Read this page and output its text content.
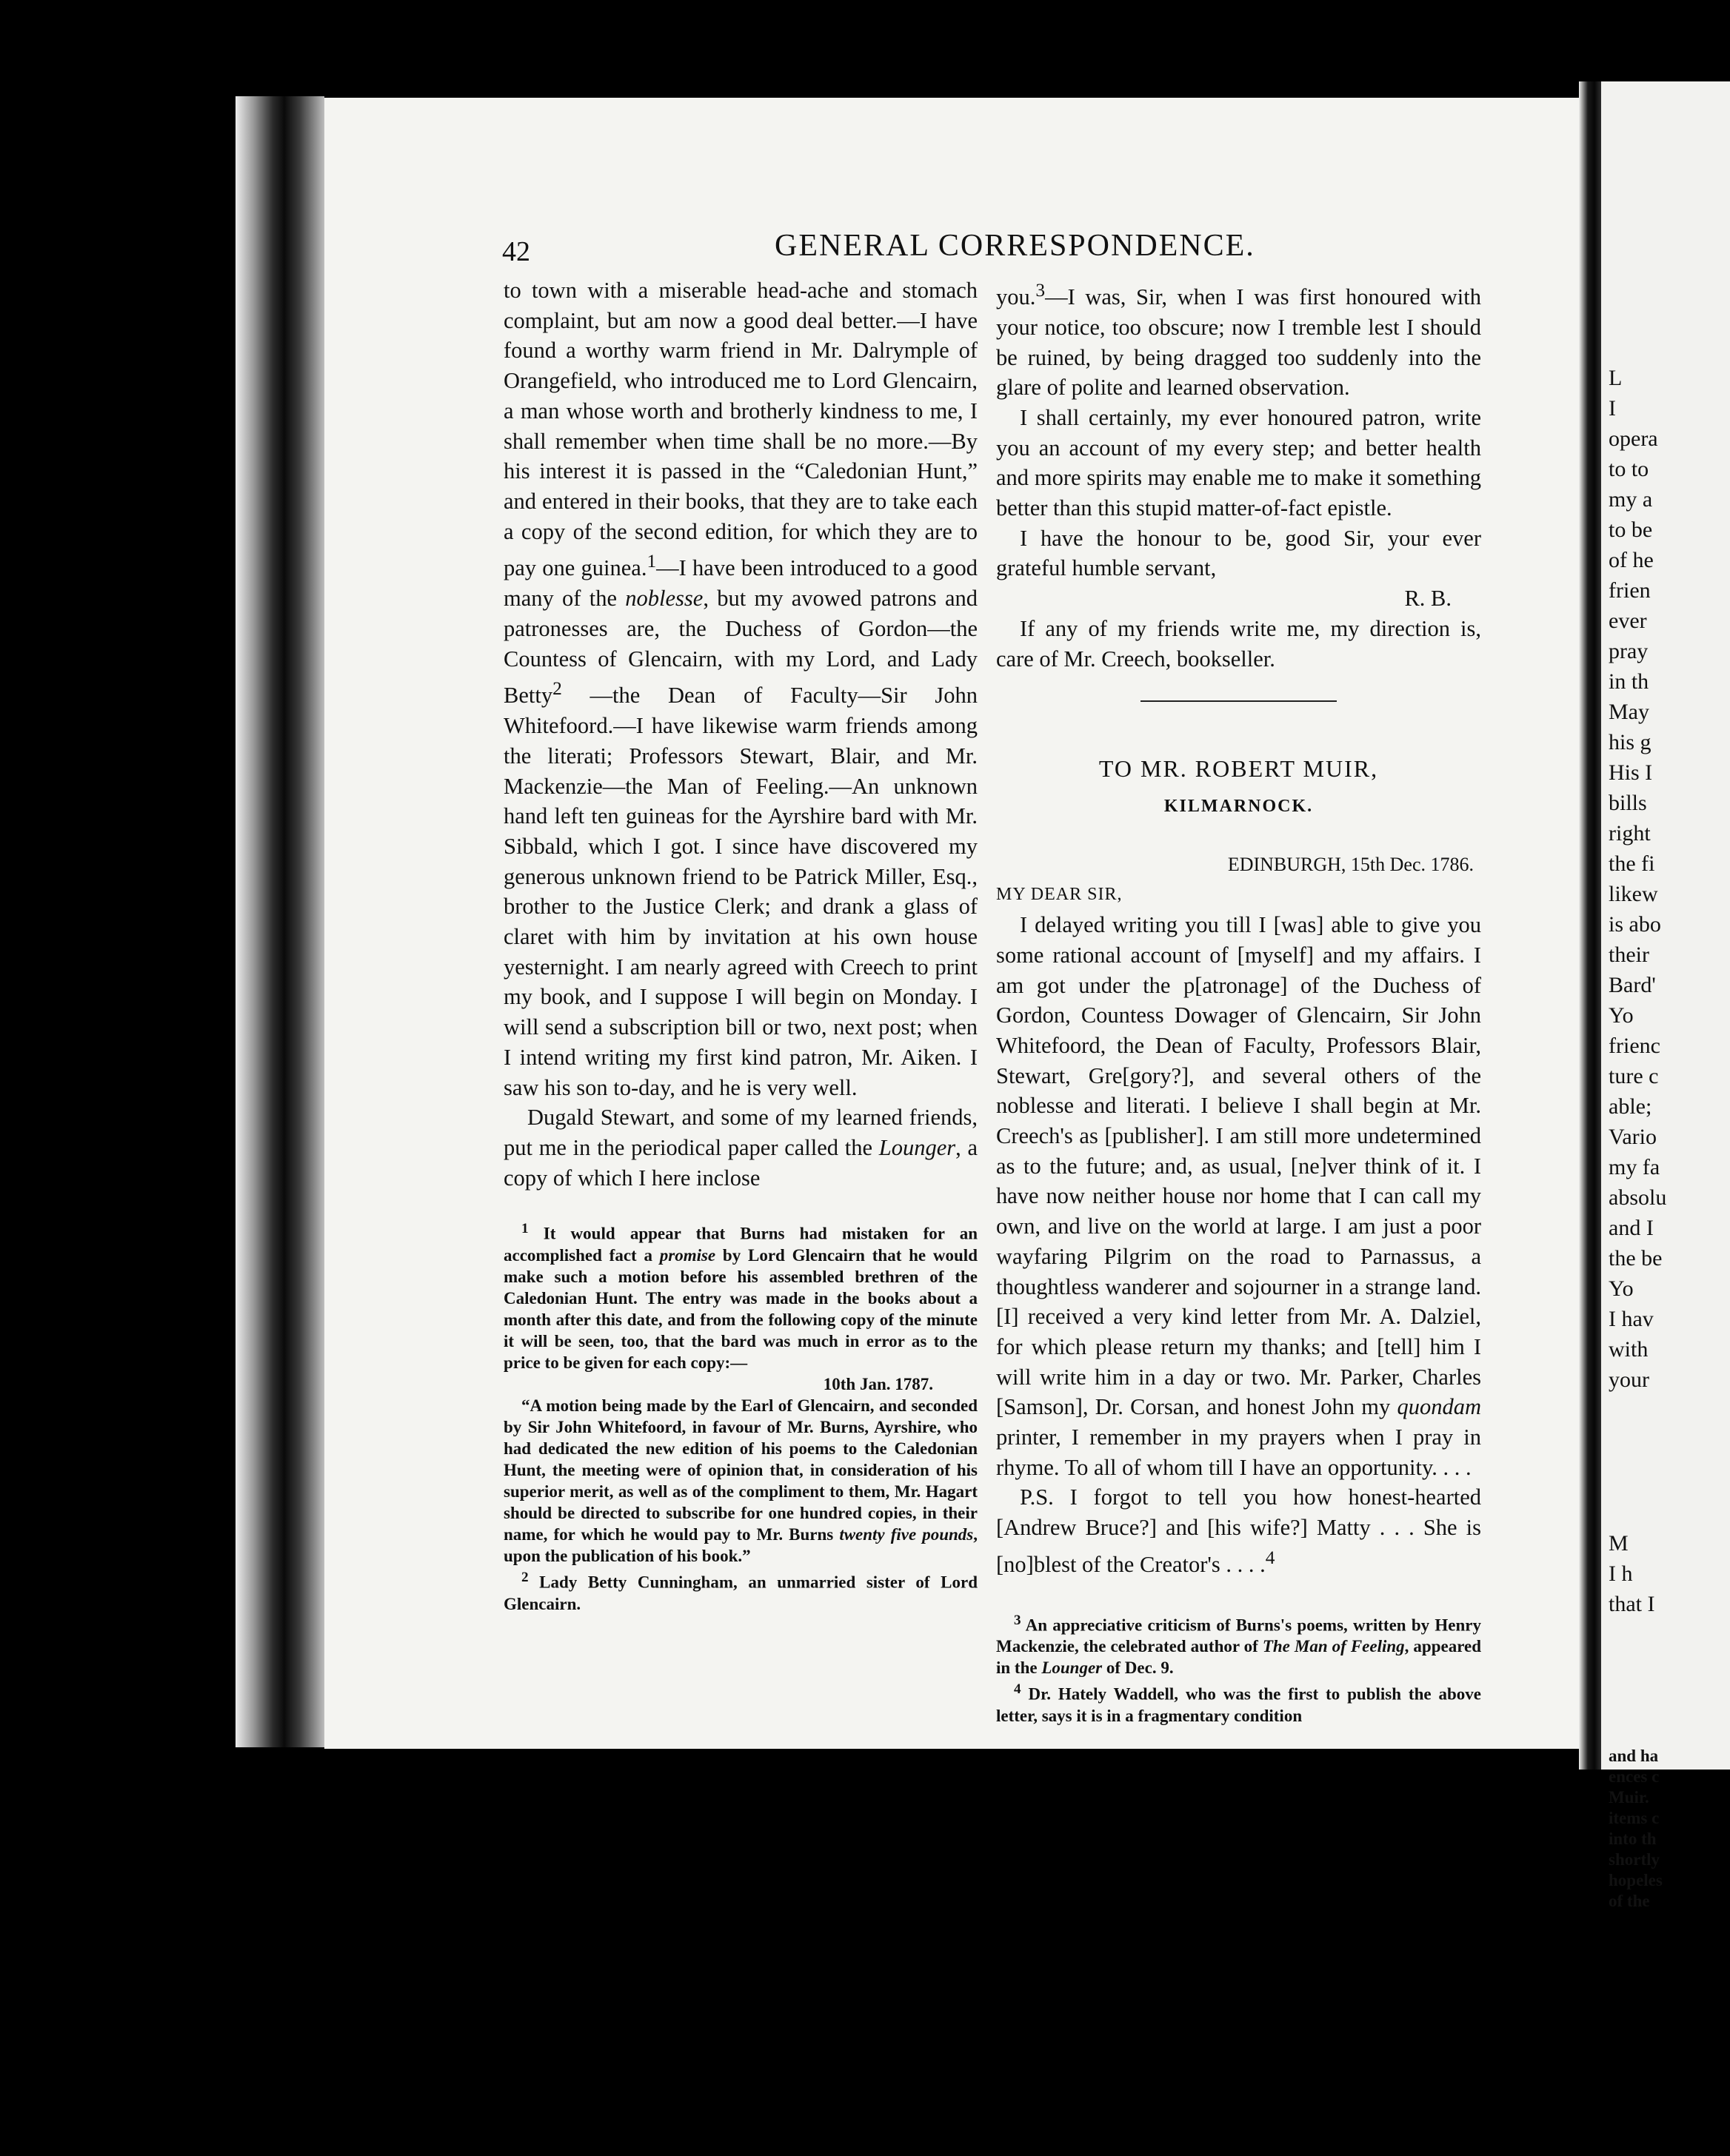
42	GENERAL CORRESPONDENCE.

to town with a miserable head-ache and stomach complaint, but am now a good deal better.—I have found a worthy warm friend in Mr. Dalrymple of Orangefield, who introduced me to Lord Glencairn, a man whose worth and brotherly kindness to me, I shall remember when time shall be no more.—By his interest it is passed in the “Caledonian Hunt,” and entered in their books, that they are to take each a copy of the second edition, for which they are to pay one guinea.$^1$—I have been introduced to a good many of the noblesse, but my avowed patrons and patronesses are, the Duchess of Gordon—the Countess of Glencairn, with my Lord, and Lady Betty$^2$ —the Dean of Faculty—Sir John Whitefoord.—I have likewise warm friends among the literati; Professors Stewart, Blair, and Mr. Mackenzie—the Man of Feeling.—An unknown hand left ten guineas for the Ayrshire bard with Mr. Sibbald, which I got. I since have discovered my generous unknown friend to be Patrick Miller, Esq., brother to the Justice Clerk; and drank a glass of claret with him by invitation at his own house yesternight. I am nearly agreed with Creech to print my book, and I suppose I will begin on Monday. I will send a subscription bill or two, next post; when I intend writing my first kind patron, Mr. Aiken. I saw his son to-day, and he is very well.

Dugald Stewart, and some of my learned friends, put me in the periodical paper called the Lounger, a copy of which I here inclose

$^1$ It would appear that Burns had mistaken for an accomplished fact a promise by Lord Glencairn that he would make such a motion before his assembled brethren of the Caledonian Hunt. The entry was made in the books about a month after this date, and from the following copy of the minute it will be seen, too, that the bard was much in error as to the price to be given for each copy:—

10th Jan. 1787.

“A motion being made by the Earl of Glencairn, and seconded by Sir John Whitefoord, in favour of Mr. Burns, Ayrshire, who had dedicated the new edition of his poems to the Caledonian Hunt, the meeting were of opinion that, in consideration of his superior merit, as well as of the compliment to them, Mr. Hagart should be directed to subscribe for one hundred copies, in their name, for which he would pay to Mr. Burns twenty five pounds, upon the publication of his book.”

$^2$ Lady Betty Cunningham, an unmarried sister of Lord Glencairn.

you.$^3$—I was, Sir, when I was first honoured with your notice, too obscure; now I tremble lest I should be ruined, by being dragged too suddenly into the glare of polite and learned observation.

I shall certainly, my ever honoured patron, write you an account of my every step; and better health and more spirits may enable me to make it something better than this stupid matter-of-fact epistle.

I have the honour to be, good Sir, your ever grateful humble servant,

R. B.

If any of my friends write me, my direction is, care of Mr. Creech, bookseller.

TO MR. ROBERT MUIR,
KILMARNOCK.
EDINBURGH, 15th Dec. 1786.
MY DEAR SIR,

I delayed writing you till I [was] able to give you some rational account of [myself] and my affairs. I am got under the p[atronage] of the Duchess of Gordon, Countess Dowager of Glencairn, Sir John Whitefoord, the Dean of Faculty, Professors Blair, Stewart, Gre[gory?], and several others of the noblesse and literati. I believe I shall begin at Mr. Creech's as [publisher]. I am still more undetermined as to the future; and, as usual, [ne]ver think of it. I have now neither house nor home that I can call my own, and live on the world at large. I am just a poor wayfaring Pilgrim on the road to Parnassus, a thoughtless wanderer and sojourner in a strange land. [I] received a very kind letter from Mr. A. Dalziel, for which please return my thanks; and [tell] him I will write him in a day or two. Mr. Parker, Charles [Samson], Dr. Corsan, and honest John my quondam printer, I remember in my prayers when I pray in rhyme. To all of whom till I have an opportunity. . . .

P.S. I forgot to tell you how honest-hearted [Andrew Bruce?] and [his wife?] Matty . . . She is [no]blest of the Creator's . . . .$^4$

$^3$ An appreciative criticism of Burns's poems, written by Henry Mackenzie, the celebrated author of The Man of Feeling, appeared in the Lounger of Dec. 9.

$^4$ Dr. Hately Waddell, who was the first to publish the above letter, says it is in a fragmentary condition

L
I
opera
to to
my a
to be
of he
frien
ever
pray
in th
May
his g
His I
bills
right
the fi
likew
is abo
their
Bard'
Yo
frienc
ture c
able;
Vario
my fa
absolu
and I
the be
Yo
I hav
with
your
M
I h
that I
and ha
ences c
Muir.
items c
into th
shortly
hopeles
of the
